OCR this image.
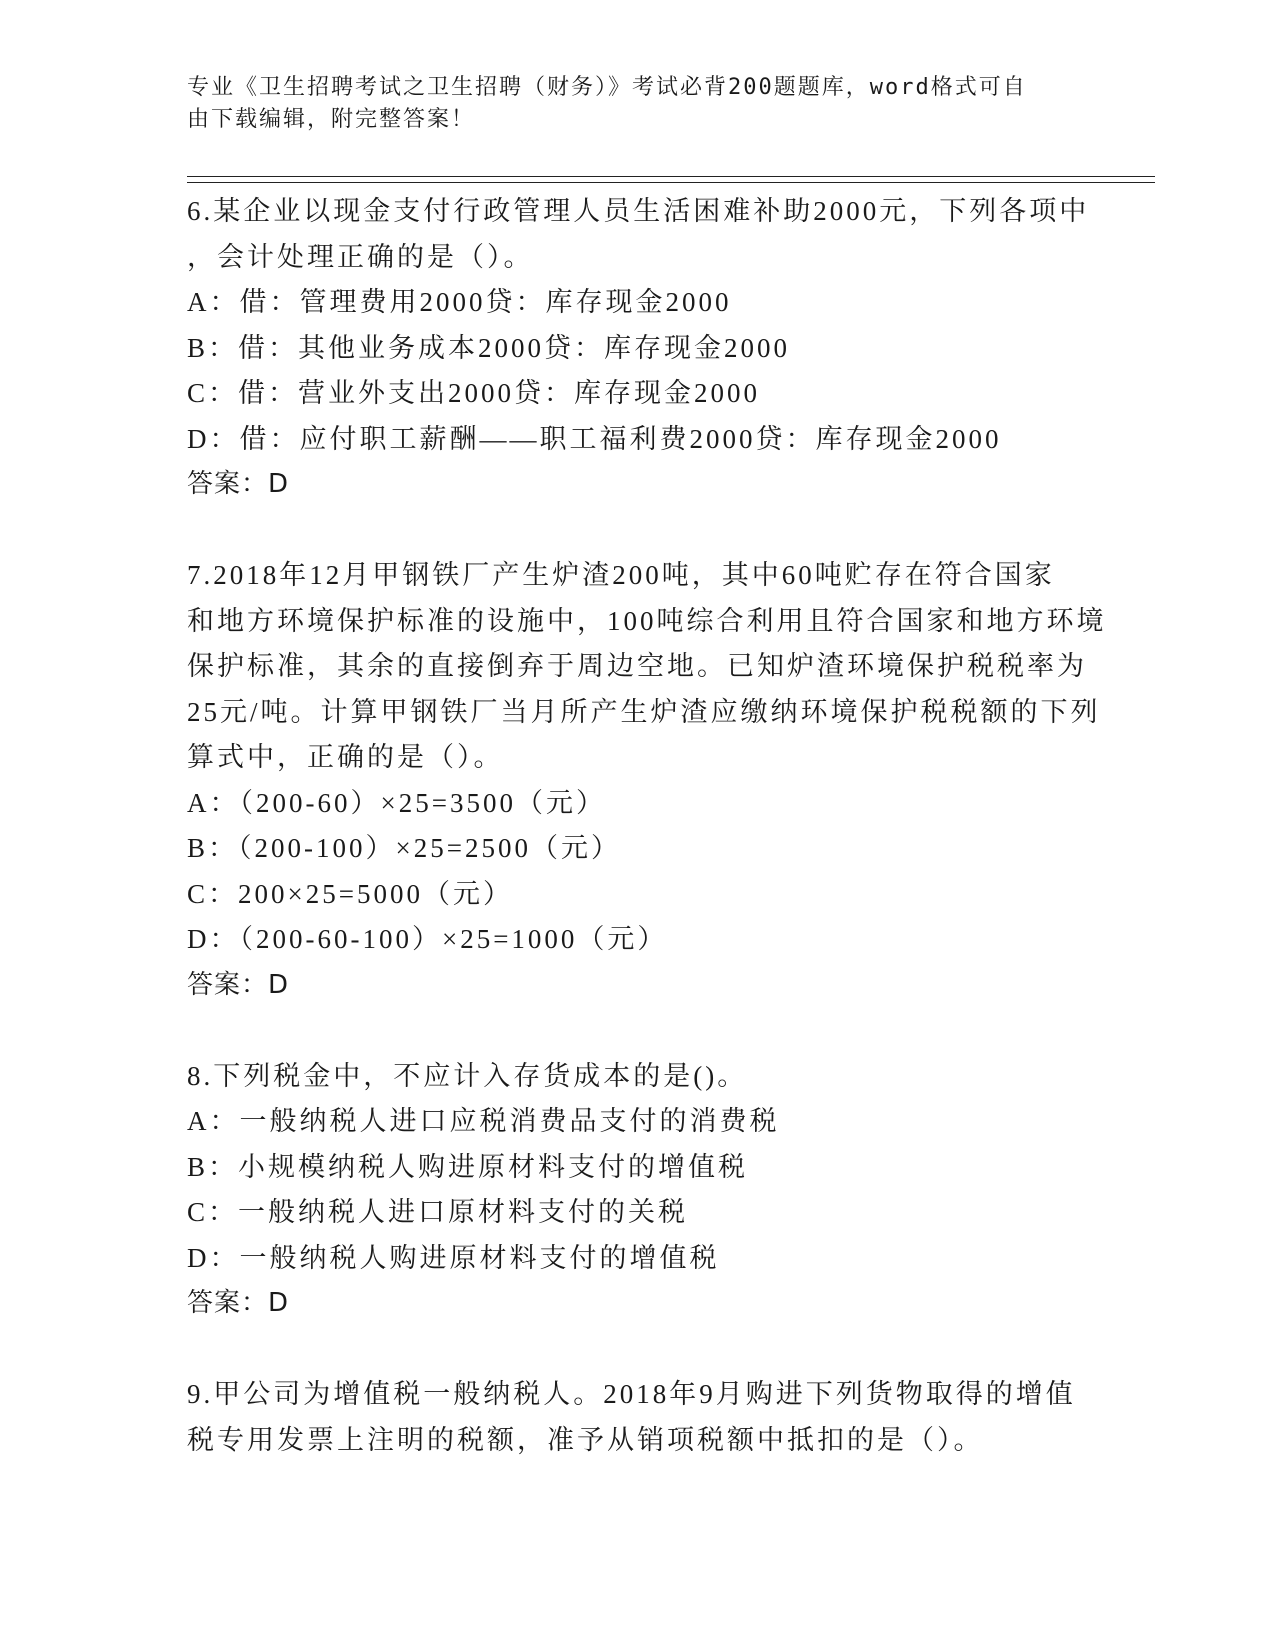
专业《卫生招聘考试之卫生招聘（财务）》考试必背200题题库，word格式可自
由下载编辑，附完整答案！
6.某企业以现金支付行政管理人员生活困难补助2000元，下列各项中
，会计处理正确的是（）。
A：借：管理费用2000贷：库存现金2000
B：借：其他业务成本2000贷：库存现金2000
C：借：营业外支出2000贷：库存现金2000
D：借：应付职工薪酬——职工福利费2000贷：库存现金2000
答案：D
7.2018年12月甲钢铁厂产生炉渣200吨，其中60吨贮存在符合国家
和地方环境保护标准的设施中，100吨综合利用且符合国家和地方环境
保护标准，其余的直接倒弃于周边空地。已知炉渣环境保护税税率为
25元/吨。计算甲钢铁厂当月所产生炉渣应缴纳环境保护税税额的下列
算式中，正确的是（）。
A：（200-60）×25=3500（元）
B：（200-100）×25=2500（元）
C：200×25=5000（元）
D：（200-60-100）×25=1000（元）
答案：D
8.下列税金中，不应计入存货成本的是()。
A：一般纳税人进口应税消费品支付的消费税
B：小规模纳税人购进原材料支付的增值税
C：一般纳税人进口原材料支付的关税
D：一般纳税人购进原材料支付的增值税
答案：D
9.甲公司为增值税一般纳税人。2018年9月购进下列货物取得的增值
税专用发票上注明的税额，准予从销项税额中抵扣的是（）。
